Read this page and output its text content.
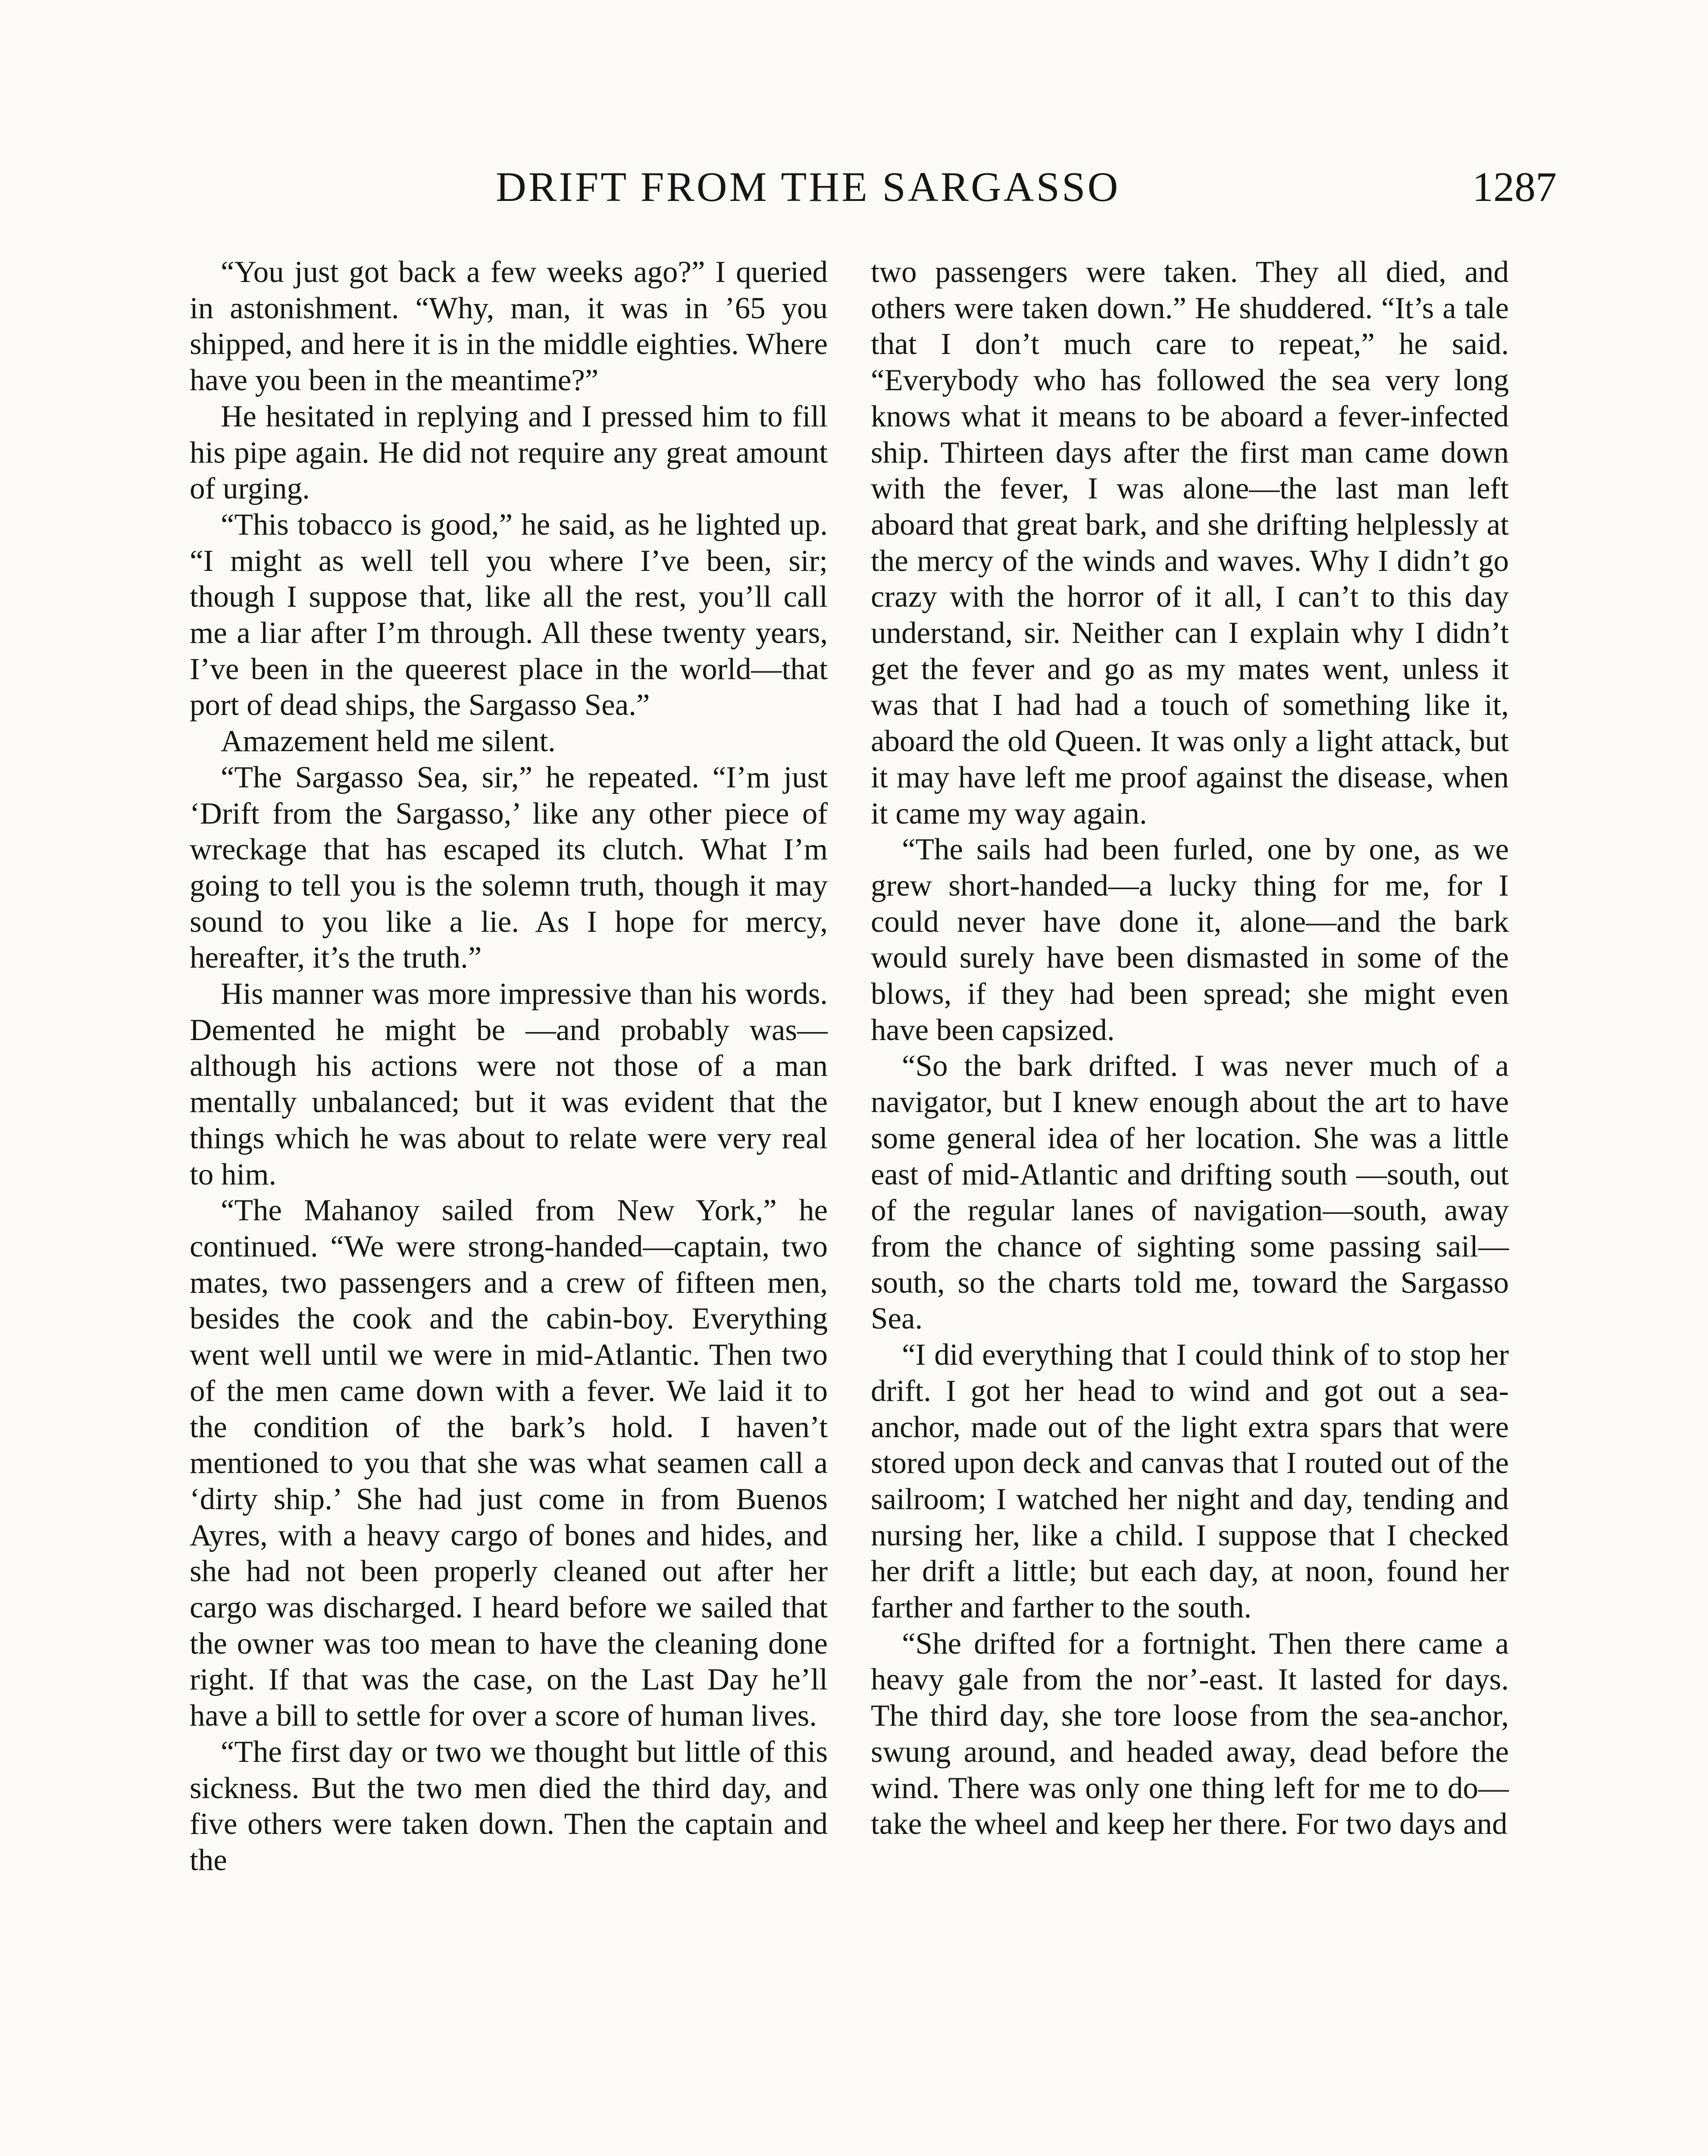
DRIFT FROM THE SARGASSO	1287

“You just got back a few weeks ago?” I queried in astonishment. “Why, man, it was in ’65 you shipped, and here it is in the middle eighties. Where have you been in the meantime?”

He hesitated in replying and I pressed him to fill his pipe again. He did not require any great amount of urging.

“This tobacco is good,” he said, as he lighted up. “I might as well tell you where I’ve been, sir; though I suppose that, like all the rest, you’ll call me a liar after I’m through. All these twenty years, I’ve been in the queerest place in the world—that port of dead ships, the Sargasso Sea.”

Amazement held me silent.

“The Sargasso Sea, sir,” he repeated. “I’m just ‘Drift from the Sargasso,’ like any other piece of wreckage that has escaped its clutch. What I’m going to tell you is the solemn truth, though it may sound to you like a lie. As I hope for mercy, hereafter, it’s the truth.”

His manner was more impressive than his words. Demented he might be —and probably was—although his actions were not those of a man mentally unbalanced; but it was evident that the things which he was about to relate were very real to him.

“The Mahanoy sailed from New York,” he continued. “We were strong-handed—captain, two mates, two passengers and a crew of fifteen men, besides the cook and the cabin-boy. Everything went well until we were in mid-Atlantic. Then two of the men came down with a fever. We laid it to the condition of the bark’s hold. I haven’t mentioned to you that she was what seamen call a ‘dirty ship.’ She had just come in from Buenos Ayres, with a heavy cargo of bones and hides, and she had not been properly cleaned out after her cargo was discharged. I heard before we sailed that the owner was too mean to have the cleaning done right. If that was the case, on the Last Day he’ll have a bill to settle for over a score of human lives.

“The first day or two we thought but little of this sickness. But the two men died the third day, and five others were taken down. Then the captain and the

two passengers were taken. They all died, and others were taken down.” He shuddered. “It’s a tale that I don’t much care to repeat,” he said. “Everybody who has followed the sea very long knows what it means to be aboard a fever-infected ship. Thirteen days after the first man came down with the fever, I was alone—the last man left aboard that great bark, and she drifting helplessly at the mercy of the winds and waves. Why I didn’t go crazy with the horror of it all, I can’t to this day understand, sir. Neither can I explain why I didn’t get the fever and go as my mates went, unless it was that I had had a touch of something like it, aboard the old Queen. It was only a light attack, but it may have left me proof against the disease, when it came my way again.

“The sails had been furled, one by one, as we grew short-handed—a lucky thing for me, for I could never have done it, alone—and the bark would surely have been dismasted in some of the blows, if they had been spread; she might even have been capsized.

“So the bark drifted. I was never much of a navigator, but I knew enough about the art to have some general idea of her location. She was a little east of mid-Atlantic and drifting south —south, out of the regular lanes of navigation—south, away from the chance of sighting some passing sail— south, so the charts told me, toward the Sargasso Sea.

“I did everything that I could think of to stop her drift. I got her head to wind and got out a sea-anchor, made out of the light extra spars that were stored upon deck and canvas that I routed out of the sailroom; I watched her night and day, tending and nursing her, like a child. I suppose that I checked her drift a little; but each day, at noon, found her farther and farther to the south.

“She drifted for a fortnight. Then there came a heavy gale from the nor’-east. It lasted for days. The third day, she tore loose from the sea-anchor, swung around, and headed away, dead before the wind. There was only one thing left for me to do—take the wheel and keep her there. For two days and
